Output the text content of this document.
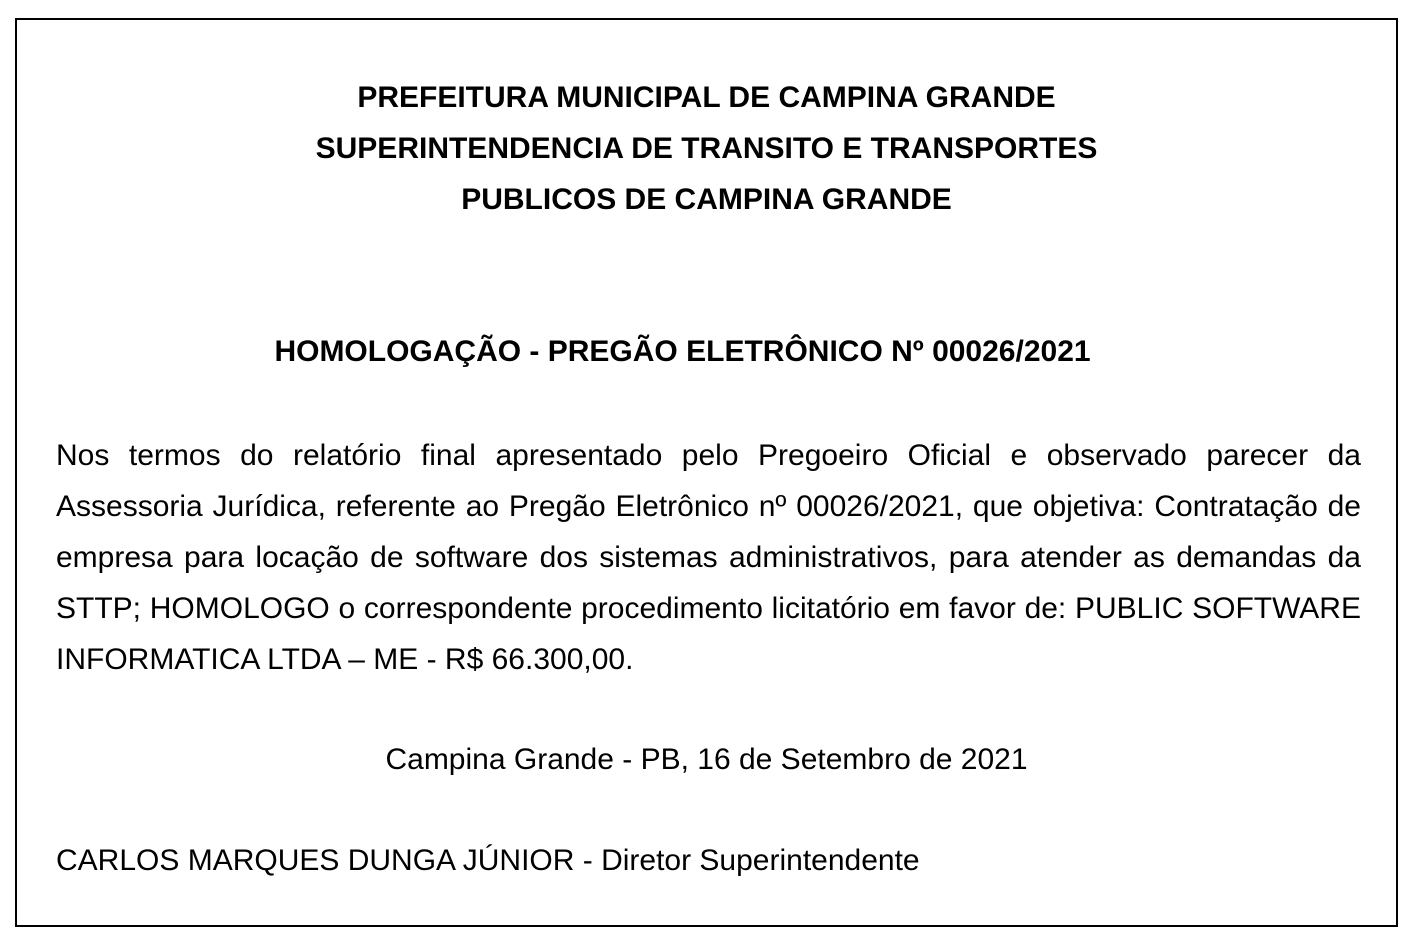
PREFEITURA MUNICIPAL DE CAMPINA GRANDE
SUPERINTENDENCIA DE TRANSITO E TRANSPORTES
PUBLICOS DE CAMPINA GRANDE
HOMOLOGAÇÃO - PREGÃO ELETRÔNICO Nº 00026/2021
Nos termos do relatório final apresentado pelo Pregoeiro Oficial e observado parecer da Assessoria Jurídica, referente ao Pregão Eletrônico nº 00026/2021, que objetiva: Contratação de empresa para locação de software dos sistemas administrativos, para atender as demandas da STTP; HOMOLOGO o correspondente procedimento licitatório em favor de: PUBLIC SOFTWARE INFORMATICA LTDA – ME - R$ 66.300,00.
Campina Grande - PB, 16 de Setembro de 2021
CARLOS MARQUES DUNGA JÚNIOR - Diretor Superintendente
